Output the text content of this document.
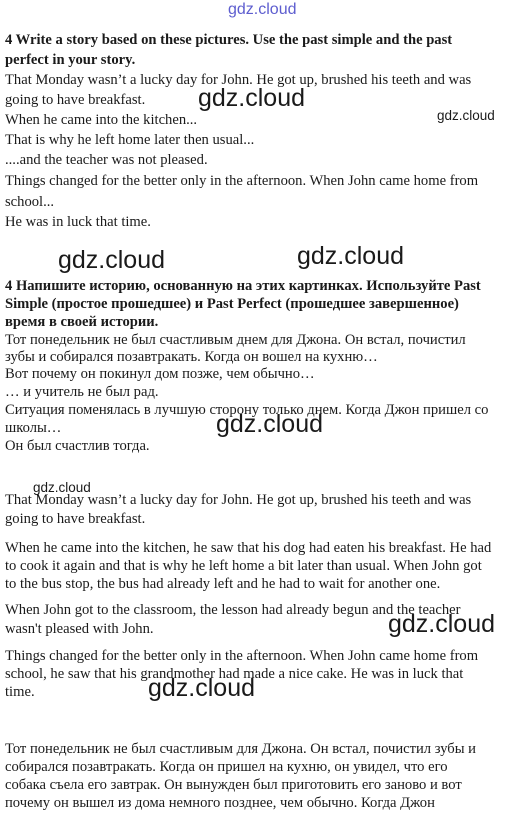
gdz.cloud
4 Write a story based on these pictures. Use the past simple and the past
perfect in your story.
That Monday wasn’t a lucky day for John. He got up, brushed his teeth and was
going to have breakfast.
When he came into the kitchen...
That is why he left home later then usual...
....and the teacher was not pleased.
Things changed for the better only in the afternoon. When John came home from
school...
He was in luck that time.
4 Напишите историю, основанную на этих картинках. Используйте Past
Simple (простое прошедшее) и Past Perfect (прошедшее завершенное)
время в своей истории.
Тот понедельник не был счастливым днем для Джона. Он встал, почистил
зубы и собирался позавтракать. Когда он вошел на кухню…
Вот почему он покинул дом позже, чем обычно…
… и учитель не был рад.
Ситуация поменялась в лучшую сторону только днем. Когда Джон пришел со
школы…
Он был счастлив тогда.
That Monday wasn’t a lucky day for John. He got up, brushed his teeth and was
going to have breakfast.
When he came into the kitchen, he saw that his dog had eaten his breakfast. He had
to cook it again and that is why he left home a bit later than usual. When John got
to the bus stop, the bus had already left and he had to wait for another one.
When John got to the classroom, the lesson had already begun and the teacher
wasn't pleased with John.
Things changed for the better only in the afternoon. When John came home from
school, he saw that his grandmother had made a nice cake. He was in luck that
time.
Тот понедельник не был счастливым для Джона. Он встал, почистил зубы и
собирался позавтракать. Когда он пришел на кухню, он увидел, что его
собака съела его завтрак. Он вынужден был приготовить его заново и вот
почему он вышел из дома немного позднее, чем обычно. Когда Джон
gdz.cloud
gdz.cloud
gdz.cloud	gdz.cloud
gdz.cloud
gdz.cloud
gdz.cloud
gdz.cloud
